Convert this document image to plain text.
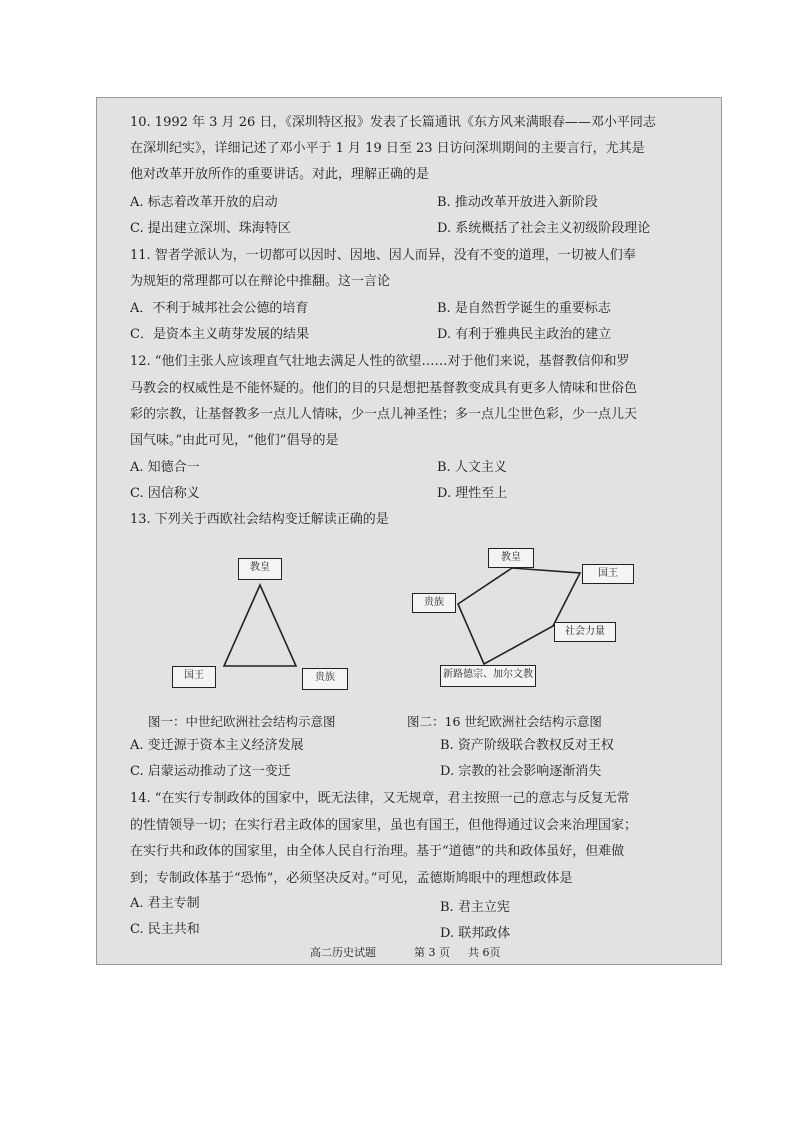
10. 1992 年 3 月 26 日，《深圳特区报》发表了长篇通讯《东方风来满眼春——邓小平同志
在深圳纪实》，详细记述了邓小平于 1 月 19 日至 23 日访问深圳期间的主要言行，尤其是
他对改革开放所作的重要讲话。对此，理解正确的是
A. 标志着改革开放的启动	B. 推动改革开放进入新阶段
C. 提出建立深圳、珠海特区	D. 系统概括了社会主义初级阶段理论
11. 智者学派认为，一切都可以因时、因地、因人而异，没有不变的道理，一切被人们奉
为规矩的常理都可以在辩论中推翻。这一言论
A．不利于城邦社会公德的培育	B. 是自然哲学诞生的重要标志
C．是资本主义萌芽发展的结果	D. 有利于雅典民主政治的建立
12. “他们主张人应该理直气壮地去满足人性的欲望……对于他们来说，基督教信仰和罗
马教会的权威性是不能怀疑的。他们的目的只是想把基督教变成具有更多人情味和世俗色
彩的宗教，让基督教多一点儿人情味，少一点儿神圣性；多一点儿尘世色彩，少一点儿天
国气味。”由此可见，“他们”倡导的是
A. 知德合一	B. 人文主义
C. 因信称义	D. 理性至上
13. 下列关于西欧社会结构变迁解读正确的是
教皇
国王	贵族
教皇
国王
社会力量
新路德宗、加尔文教
贵族
图一：中世纪欧洲社会结构示意图	图二：16 世纪欧洲社会结构示意图
A. 变迁源于资本主义经济发展	B. 资产阶级联合教权反对王权
C. 启蒙运动推动了这一变迁	D. 宗教的社会影响逐渐消失
14. “在实行专制政体的国家中，既无法律，又无规章，君主按照一己的意志与反复无常
的性情领导一切；在实行君主政体的国家里，虽也有国王，但他得通过议会来治理国家；
在实行共和政体的国家里，由全体人民自行治理。基于“道德”的共和政体虽好，但难做
到；专制政体基于“恐怖”，必须坚决反对。”可见，孟德斯鸠眼中的理想政体是
A. 君主专制	B. 君主立宪
C. 民主共和	D. 联邦政体
高二历史试题	第 3 页 共 6页
